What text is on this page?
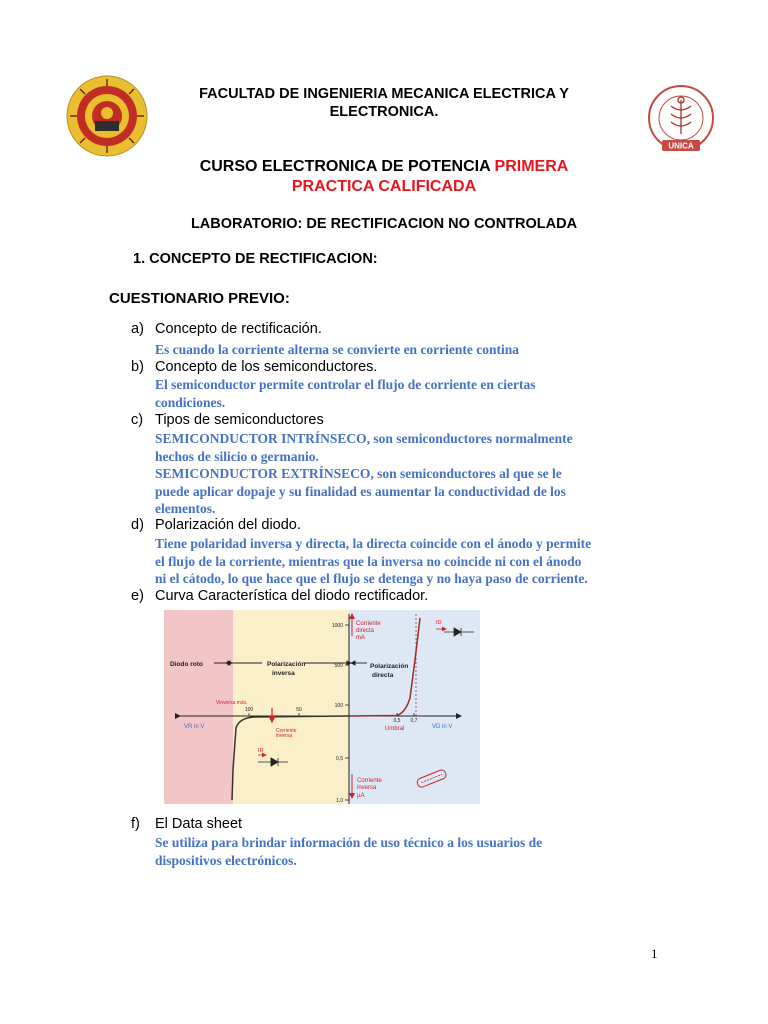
UNICA
FACULTAD DE INGENIERIA MECANICA ELECTRICA Y
ELECTRONICA.
CURSO ELECTRONICA DE POTENCIA PRIMERA
PRACTICA CALIFICADA
LABORATORIO: DE RECTIFICACION NO CONTROLADA
1. CONCEPTO DE RECTIFICACION:
CUESTIONARIO PREVIO:
a) Concepto de rectificación.
Es cuando la corriente alterna se convierte en corriente contina
b) Concepto de los semiconductores.
El semiconductor permite controlar el flujo de corriente en ciertas
condiciones.
c) Tipos de semiconductores
SEMICONDUCTOR INTRÍNSECO, son semiconductores normalmente
hechos de silicio o germanio.
SEMICONDUCTOR EXTRÍNSECO, son semiconductores al que se le
puede aplicar dopaje y su finalidad es aumentar la conductividad de los
elementos.
d) Polarización del diodo.
Tiene polaridad inversa y directa, la directa coincide con el ánodo y permite
el flujo de la corriente, mientras que la inversa no coincide ni con el ánodo
ni el cátodo, lo que hace que el flujo se detenga y no haya paso de corriente.
e) Curva Característica del diodo rectificador.
1000
500
100
0,5
1,0
0,5 0,7
100	50
Diodo roto	Polarización
inversa
Polarización
directa
Corriente
directa
mA
Corriente
inversa
µA
Umbral
Vinversa máx.
Corriente
inversa
VR in V	VD in V
ID
IR
f) El Data sheet
Se utiliza para brindar información de uso técnico a los usuarios de
dispositivos electrónicos.
1
